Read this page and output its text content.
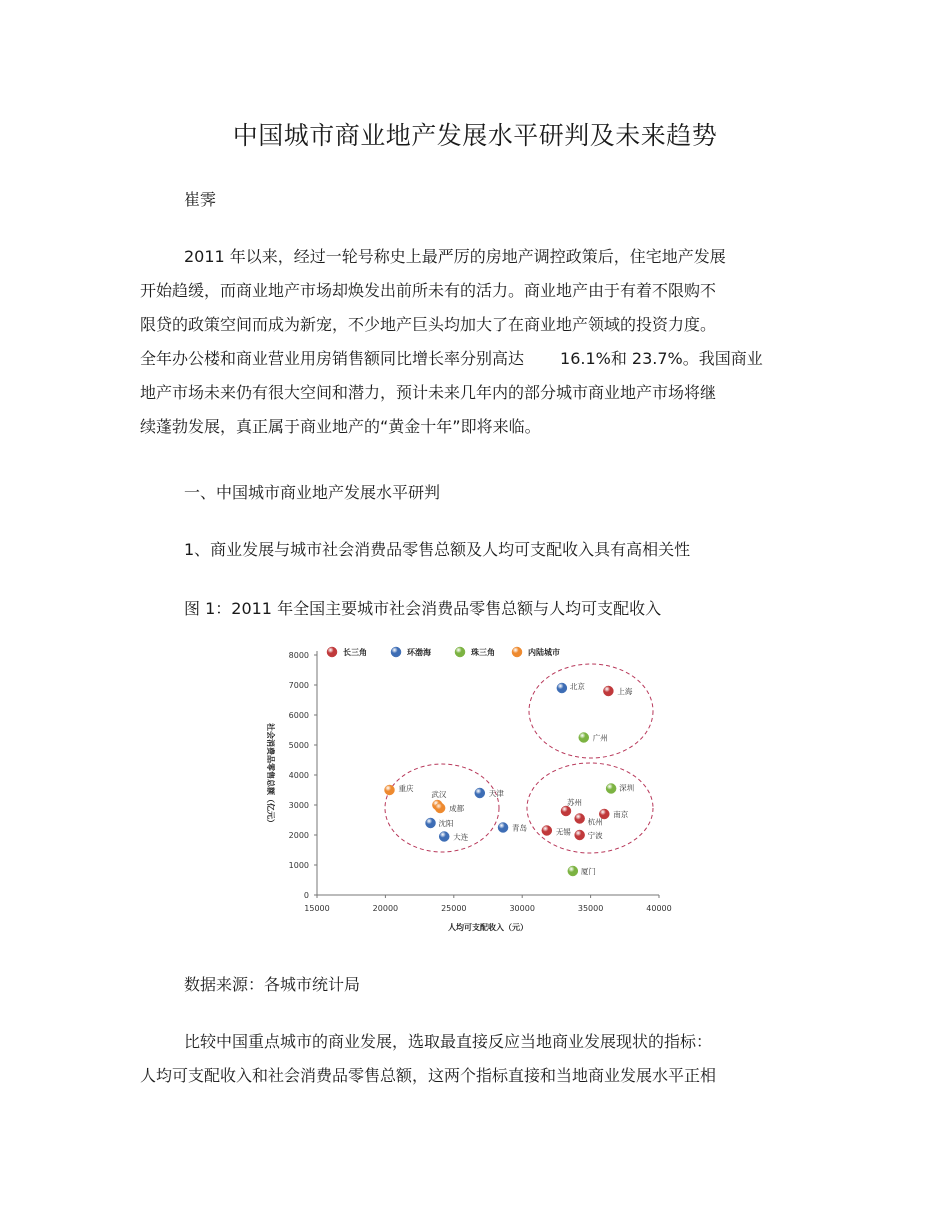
中国城市商业地产发展水平研判及未来趋势
崔霁
2011 年以来，经过一轮号称史上最严厉的房地产调控政策后，住宅地产发展
开始趋缓，而商业地产市场却焕发出前所未有的活力。商业地产由于有着不限购不
限贷的政策空间而成为新宠，不少地产巨头均加大了在商业地产领域的投资力度。
全年办公楼和商业营业用房销售额同比增长率分别高达 16.1%和 23.7%。我国商业
地产市场未来仍有很大空间和潜力，预计未来几年内的部分城市商业地产市场将继
续蓬勃发展，真正属于商业地产的“黄金十年”即将来临。
一、中国城市商业地产发展水平研判
1、商业发展与城市社会消费品零售总额及人均可支配收入具有高相关性
图 1：2011 年全国主要城市社会消费品零售总额与人均可支配收入
0
1000
2000
3000
4000
5000
6000
7000
8000
15000	20000	25000	30000	35000	40000
人均可支配收入（元）
社会消费品零售总额（亿元）
长三角	环渤海	珠三角	内陆城市
上海
苏州
南京
杭州
无锡 宁波
北京
天津
沈阳
大连
青岛
广州
深圳
厦门
重庆
武汉
成都
数据来源：各城市统计局
比较中国重点城市的商业发展，选取最直接反应当地商业发展现状的指标：
人均可支配收入和社会消费品零售总额，这两个指标直接和当地商业发展水平正相
